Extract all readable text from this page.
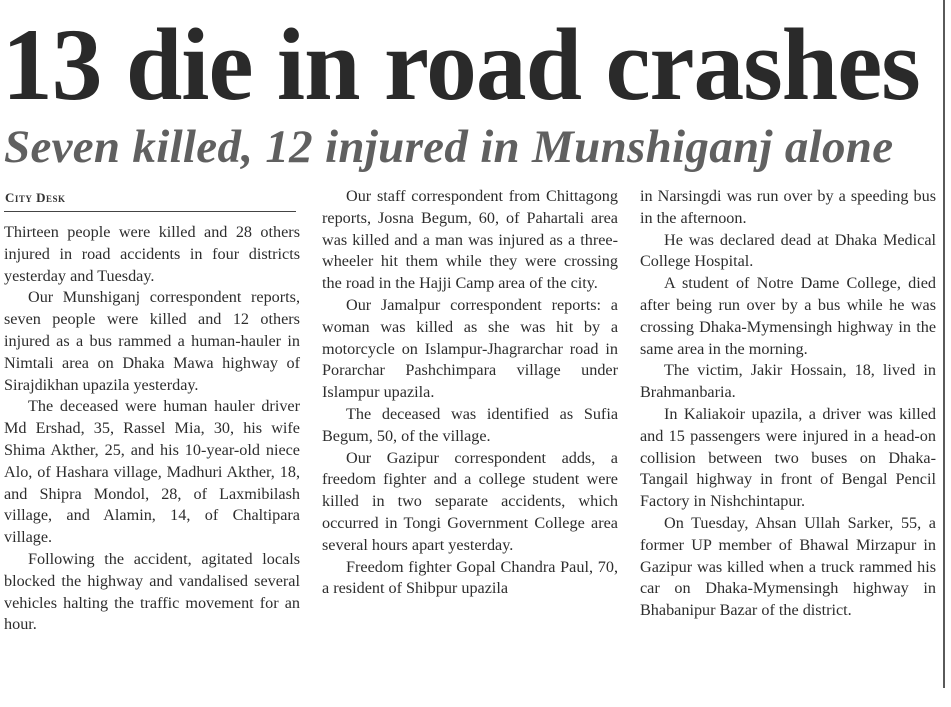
13 die in road crashes
Seven killed, 12 injured in Munshiganj alone
City Desk

Thirteen people were killed and 28 others injured in road accidents in four districts yesterday and Tuesday.

Our Munshiganj correspondent reports, seven people were killed and 12 others injured as a bus rammed a human-hauler in Nimtali area on Dhaka Mawa highway of Sirajdikhan upazila yesterday.

The deceased were human hauler driver Md Ershad, 35, Rassel Mia, 30, his wife Shima Akther, 25, and his 10-year-old niece Alo, of Hashara village, Madhuri Akther, 18, and Shipra Mondol, 28, of Laxmibilash village, and Alamin, 14, of Chaltipara village.

Following the accident, agitated locals blocked the highway and vandalised several vehicles halting the traffic movement for an hour.

Our staff correspondent from Chittagong reports, Josna Begum, 60, of Pahartali area was killed and a man was injured as a three-wheeler hit them while they were crossing the road in the Hajji Camp area of the city.

Our Jamalpur correspondent reports: a woman was killed as she was hit by a motorcycle on Islampur-Jhagrarchar road in Porarchar Pashchimpara village under Islampur upazila.

The deceased was identified as Sufia Begum, 50, of the village.

Our Gazipur correspondent adds, a freedom fighter and a college student were killed in two separate accidents, which occurred in Tongi Government College area several hours apart yesterday.

Freedom fighter Gopal Chandra Paul, 70, a resident of Shibpur upazila

in Narsingdi was run over by a speeding bus in the afternoon.

He was declared dead at Dhaka Medical College Hospital.

A student of Notre Dame College, died after being run over by a bus while he was crossing Dhaka-Mymensingh highway in the same area in the morning.

The victim, Jakir Hossain, 18, lived in Brahmanbaria.

In Kaliakoir upazila, a driver was killed and 15 passengers were injured in a head-on collision between two buses on Dhaka-Tangail highway in front of Bengal Pencil Factory in Nishchintapur.

On Tuesday, Ahsan Ullah Sarker, 55, a former UP member of Bhawal Mirzapur in Gazipur was killed when a truck rammed his car on Dhaka-Mymensingh highway in Bhabanipur Bazar of the district.
